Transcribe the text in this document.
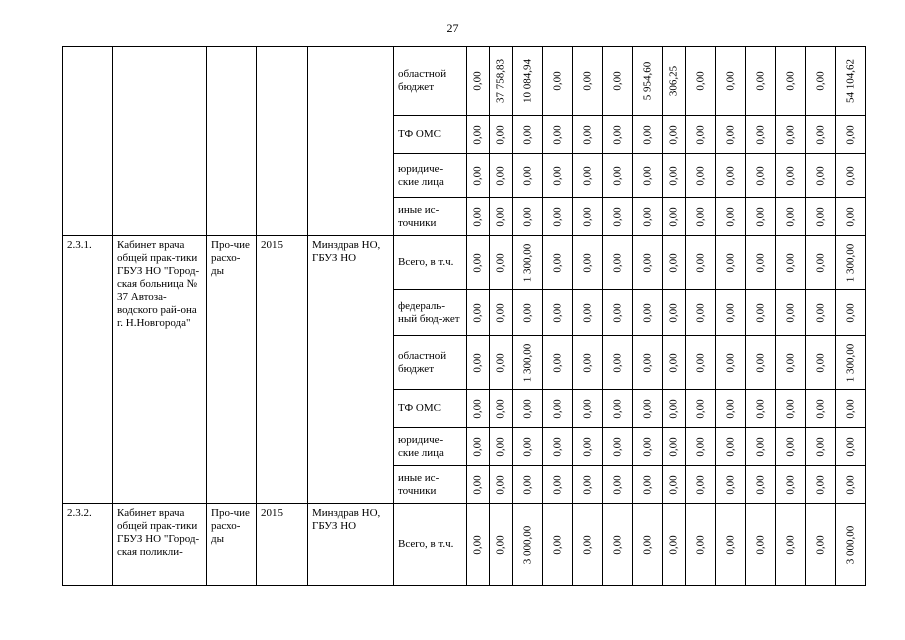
27
					областной бюджет	0,00	37 758,83	10 084,94	0,00	0,00	0,00	5 954,60	306,25	0,00	0,00	0,00	0,00	0,00	54 104,62

					ТФ ОМС	0,00	0,00	0,00	0,00	0,00	0,00	0,00	0,00	0,00	0,00	0,00	0,00	0,00	0,00

					юридиче-ские лица	0,00	0,00	0,00	0,00	0,00	0,00	0,00	0,00	0,00	0,00	0,00	0,00	0,00	0,00

					иные ис-точники	0,00	0,00	0,00	0,00	0,00	0,00	0,00	0,00	0,00	0,00	0,00	0,00	0,00	0,00

2.3.1.	Кабинет врача общей прак-тики ГБУЗ НО "Город-ская больница № 37 Автоза-водского рай-она г. Н.Новгорода"	Про-чие расхо-ды	2015	Минздрав НО, ГБУЗ НО	Всего, в т.ч.	0,00	0,00	1 300,00	0,00	0,00	0,00	0,00	0,00	0,00	0,00	0,00	0,00	0,00	1 300,00

					федераль-ный бюд-жет	0,00	0,00	0,00	0,00	0,00	0,00	0,00	0,00	0,00	0,00	0,00	0,00	0,00	0,00

					областной бюджет	0,00	0,00	1 300,00	0,00	0,00	0,00	0,00	0,00	0,00	0,00	0,00	0,00	0,00	1 300,00

					ТФ ОМС	0,00	0,00	0,00	0,00	0,00	0,00	0,00	0,00	0,00	0,00	0,00	0,00	0,00	0,00

					юридиче-ские лица	0,00	0,00	0,00	0,00	0,00	0,00	0,00	0,00	0,00	0,00	0,00	0,00	0,00	0,00

					иные ис-точники	0,00	0,00	0,00	0,00	0,00	0,00	0,00	0,00	0,00	0,00	0,00	0,00	0,00	0,00

2.3.2.	Кабинет врача общей прак-тики ГБУЗ НО "Город-ская поликли-	Про-чие расхо-ды	2015	Минздрав НО, ГБУЗ НО	Всего, в т.ч.	0,00	0,00	3 000,00	0,00	0,00	0,00	0,00	0,00	0,00	0,00	0,00	0,00	0,00	3 000,00
